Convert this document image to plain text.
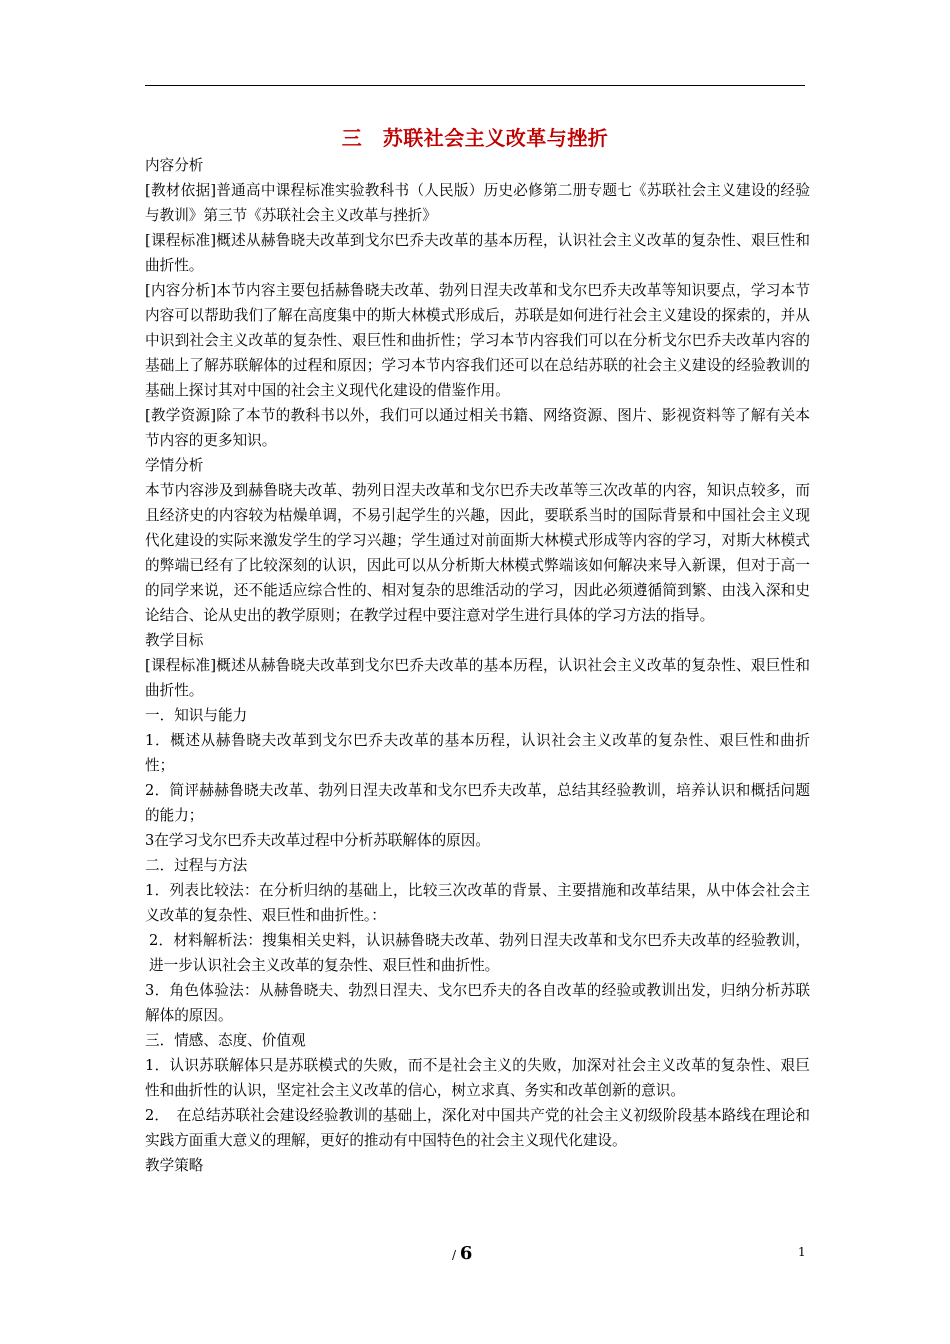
三　苏联社会主义改革与挫折

内容分析

[教材依据]普通高中课程标准实验教科书（人民版）历史必修第二册专题七《苏联社会主义建设的经验与教训》第三节《苏联社会主义改革与挫折》

[课程标准]概述从赫鲁晓夫改革到戈尔巴乔夫改革的基本历程，认识社会主义改革的复杂性、艰巨性和曲折性。

[内容分析]本节内容主要包括赫鲁晓夫改革、勃列日涅夫改革和戈尔巴乔夫改革等知识要点，学习本节内容可以帮助我们了解在高度集中的斯大林模式形成后，苏联是如何进行社会主义建设的探索的，并从中识到社会主义改革的复杂性、艰巨性和曲折性；学习本节内容我们可以在分析戈尔巴乔夫改革内容的基础上了解苏联解体的过程和原因；学习本节内容我们还可以在总结苏联的社会主义建设的经验教训的基础上探讨其对中国的社会主义现代化建设的借鉴作用。

[教学资源]除了本节的教科书以外，我们可以通过相关书籍、网络资源、图片、影视资料等了解有关本节内容的更多知识。

学情分析

本节内容涉及到赫鲁晓夫改革、勃列日涅夫改革和戈尔巴乔夫改革等三次改革的内容，知识点较多，而且经济史的内容较为枯燥单调，不易引起学生的兴趣，因此，要联系当时的国际背景和中国社会主义现代化建设的实际来激发学生的学习兴趣；学生通过对前面斯大林模式形成等内容的学习，对斯大林模式的弊端已经有了比较深刻的认识，因此可以从分析斯大林模式弊端该如何解决来导入新课，但对于高一的同学来说，还不能适应综合性的、相对复杂的思维活动的学习，因此必须遵循简到繁、由浅入深和史论结合、论从史出的教学原则；在教学过程中要注意对学生进行具体的学习方法的指导。

教学目标

[课程标准]概述从赫鲁晓夫改革到戈尔巴乔夫改革的基本历程，认识社会主义改革的复杂性、艰巨性和曲折性。

一．知识与能力

1．概述从赫鲁晓夫改革到戈尔巴乔夫改革的基本历程，认识社会主义改革的复杂性、艰巨性和曲折性；

2．简评赫赫鲁晓夫改革、勃列日涅夫改革和戈尔巴乔夫改革，总结其经验教训，培养认识和概括问题的能力；

3在学习戈尔巴乔夫改革过程中分析苏联解体的原因。

二．过程与方法

1．列表比较法：在分析归纳的基础上，比较三次改革的背景、主要措施和改革结果，从中体会社会主义改革的复杂性、艰巨性和曲折性。：

2．材料解析法：搜集相关史料，认识赫鲁晓夫改革、勃列日涅夫改革和戈尔巴乔夫改革的经验教训，进一步认识社会主义改革的复杂性、艰巨性和曲折性。

3．角色体验法：从赫鲁晓夫、勃烈日涅夫、戈尔巴乔夫的各自改革的经验或教训出发，归纳分析苏联解体的原因。

三．情感、态度、价值观

1．认识苏联解体只是苏联模式的失败，而不是社会主义的失败，加深对社会主义改革的复杂性、艰巨性和曲折性的认识，坚定社会主义改革的信心，树立求真、务实和改革创新的意识。

2．　在总结苏联社会建设经验教训的基础上，深化对中国共产党的社会主义初级阶段基本路线在理论和实践方面重大意义的理解，更好的推动有中国特色的社会主义现代化建设。

教学策略

/ 6	1
